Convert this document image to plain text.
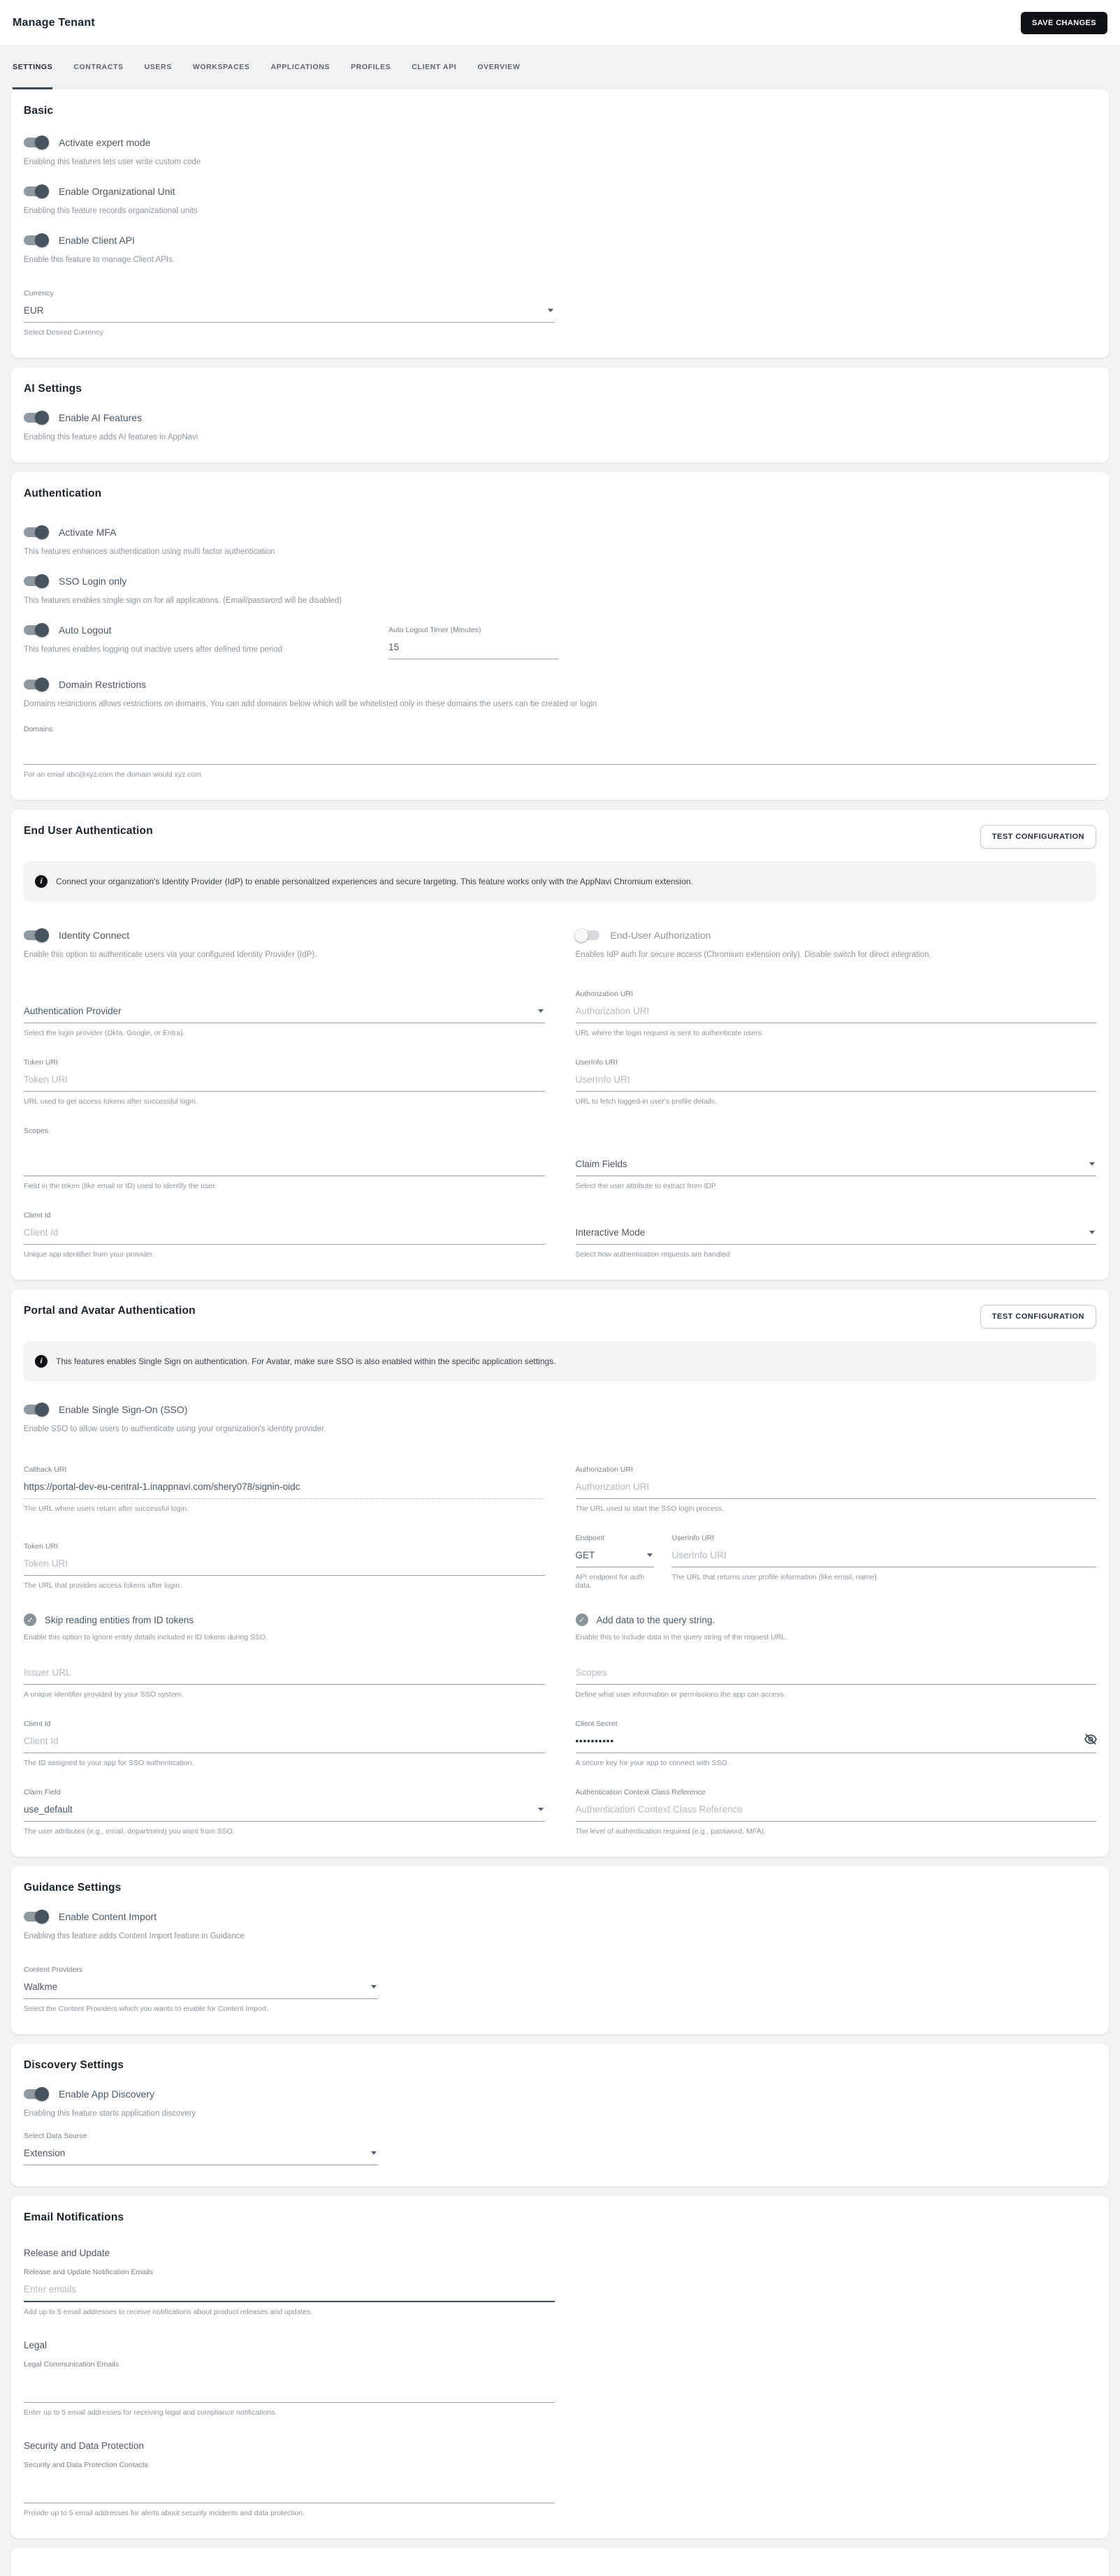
Manage Tenant	SAVE CHANGES
SETTINGS	CONTRACTS	USERS	WORKSPACES	APPLICATIONS	PROFILES	CLIENT API	OVERVIEW
Basic
Activate expert mode
Enabling this features lets user write custom code
Enable Organizational Unit
Enabling this feature records organizational units
Enable Client API
Enable this feature to manage Client APIs.
Currency
EUR
Select Desired Currency
AI Settings
Enable AI Features
Enabling this feature adds AI features in AppNavi
Authentication
Activate MFA
This features enhances authentication using multi factor authentication
SSO Login only
This features enables single sign on for all applications. (Email/password will be disabled)
Auto Logout
This features enables logging out inactive users after defined time period
Auto Logout Timer (Minutes)
15
Domain Restrictions
Domains restrictions allows restrictions on domains, You can add domains below which will be whitelisted only in these domains the users can be created or login
Domains
For an email abc@xyz.com the domain would xyz.com
End User Authentication	TEST CONFIGURATION
i	Connect your organization's Identity Provider (IdP) to enable personalized experiences and secure targeting. This feature works only with the AppNavi Chromium extension.
Identity Connect
Enable this option to authenticate users via your configured Identity Provider (IdP).
End-User Authorization
Enables IdP auth for secure access (Chromium extension only). Disable switch for direct integration.
Authentication Provider
Select the login provider (Okta, Google, or Entra).
Authorization URI
Authorization URI
URL where the login request is sent to authenticate users.
Token URI
Token URI
URL used to get access tokens after successful login.
UserInfo URI
UserInfo URI
URL to fetch logged-in user's profile details.
Scopes
Field in the token (like email or ID) used to identify the user.
Claim Fields
Select the user attribute to extract from IDP
Client Id
Client Id
Unique app identifier from your provider.
Interactive Mode
Select how authentication requests are handled
Portal and Avatar Authentication	TEST CONFIGURATION
i	This features enables Single Sign on authentication. For Avatar, make sure SSO is also enabled within the specific application settings.
Enable Single Sign-On (SSO)
Enable SSO to allow users to authenticate using your organization's identity provider.
Callback URI
https://portal-dev-eu-central-1.inappnavi.com/shery078/signin-oidc
The URL where users return after successful login.
Authorization URI
Authorization URI
The URL used to start the SSO login process.
Token URI
Token URI
The URL that provides access tokens after login.
Endpoint
GET
API endpoint for auth data.
UserInfo URI
UserInfo URI
The URL that returns user profile information (like email, name).
✓	Skip reading entities from ID tokens
Enable this option to ignore entity details included in ID tokens during SSO.
✓	Add data to the query string.
Enable this to include data in the query string of the request URL.
Issuer URL
A unique identifier provided by your SSO system.
Scopes	Define what user information or permissions the app can access.
Client Id
Client Id
The ID assigned to your app for SSO authentication.
Client Secret
••••••••••
A secure key for your app to connect with SSO.
Claim Field
use_default
The user attributes (e.g., email, department) you want from SSO.
Authentication Context Class Reference
Authentication Context Class Reference
The level of authentication required (e.g., password, MFA).
Guidance Settings
Enable Content Import
Enabling this feature adds Content Import feature in Guidance
Content Providers
Walkme
Select the Content Providers which you wants to enable for Content Import.
Discovery Settings
Enable App Discovery
Enabling this feature starts application discovery
Select Data Source
Extension
Email Notifications
Release and Update
Release and Update Notification Emails
Enter emails
Add up to 5 email addresses to receive notifications about product releases and updates.
Legal
Legal Communication Emails
Enter up to 5 email addresses for receiving legal and compliance notifications.
Security and Data Protection
Security and Data Protection Contacts
Provide up to 5 email addresses for alerts about security incidents and data protection.
